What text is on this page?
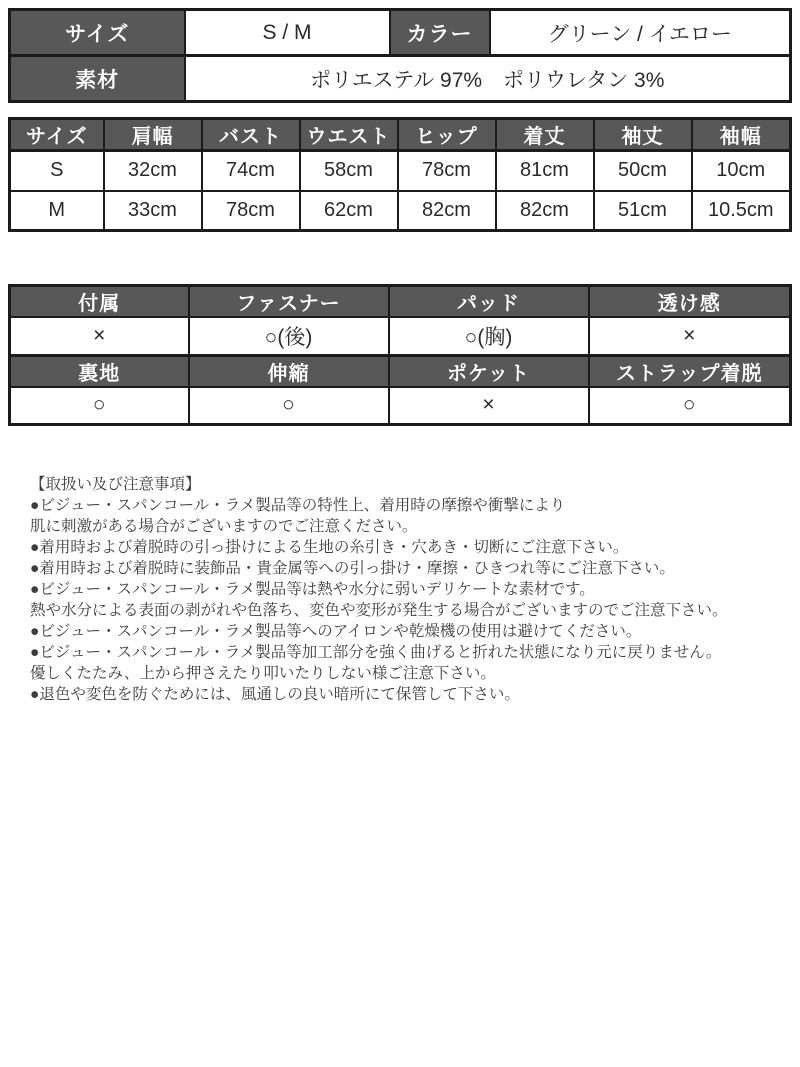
サイズ	S / M	カラー	グリーン / イエロー
素材	ポリエステル 97%　ポリウレタン 3%		
サイズ	肩幅	バスト	ウエスト	ヒップ	着丈	袖丈	袖幅
S	32cm	74cm	58cm	78cm	81cm	50cm	10cm
M	33cm	78cm	62cm	82cm	82cm	51cm	10.5cm
付属	ファスナー	パッド	透け感
×	○(後)	○(胸)	×
裏地	伸縮	ポケット	ストラップ着脱
○	○	×	○
【取扱い及び注意事項】
●ビジュー・スパンコール・ラメ製品等の特性上、着用時の摩擦や衝撃により
肌に刺激がある場合がございますのでご注意ください。
●着用時および着脱時の引っ掛けによる生地の糸引き・穴あき・切断にご注意下さい。
●着用時および着脱時に装飾品・貴金属等への引っ掛け・摩擦・ひきつれ等にご注意下さい。
●ビジュー・スパンコール・ラメ製品等は熱や水分に弱いデリケートな素材です。
熱や水分による表面の剥がれや色落ち、変色や変形が発生する場合がございますのでご注意下さい。
●ビジュー・スパンコール・ラメ製品等へのアイロンや乾燥機の使用は避けてください。
●ビジュー・スパンコール・ラメ製品等加工部分を強く曲げると折れた状態になり元に戻りません。
優しくたたみ、上から押さえたり叩いたりしない様ご注意下さい。
●退色や変色を防ぐためには、風通しの良い暗所にて保管して下さい。
